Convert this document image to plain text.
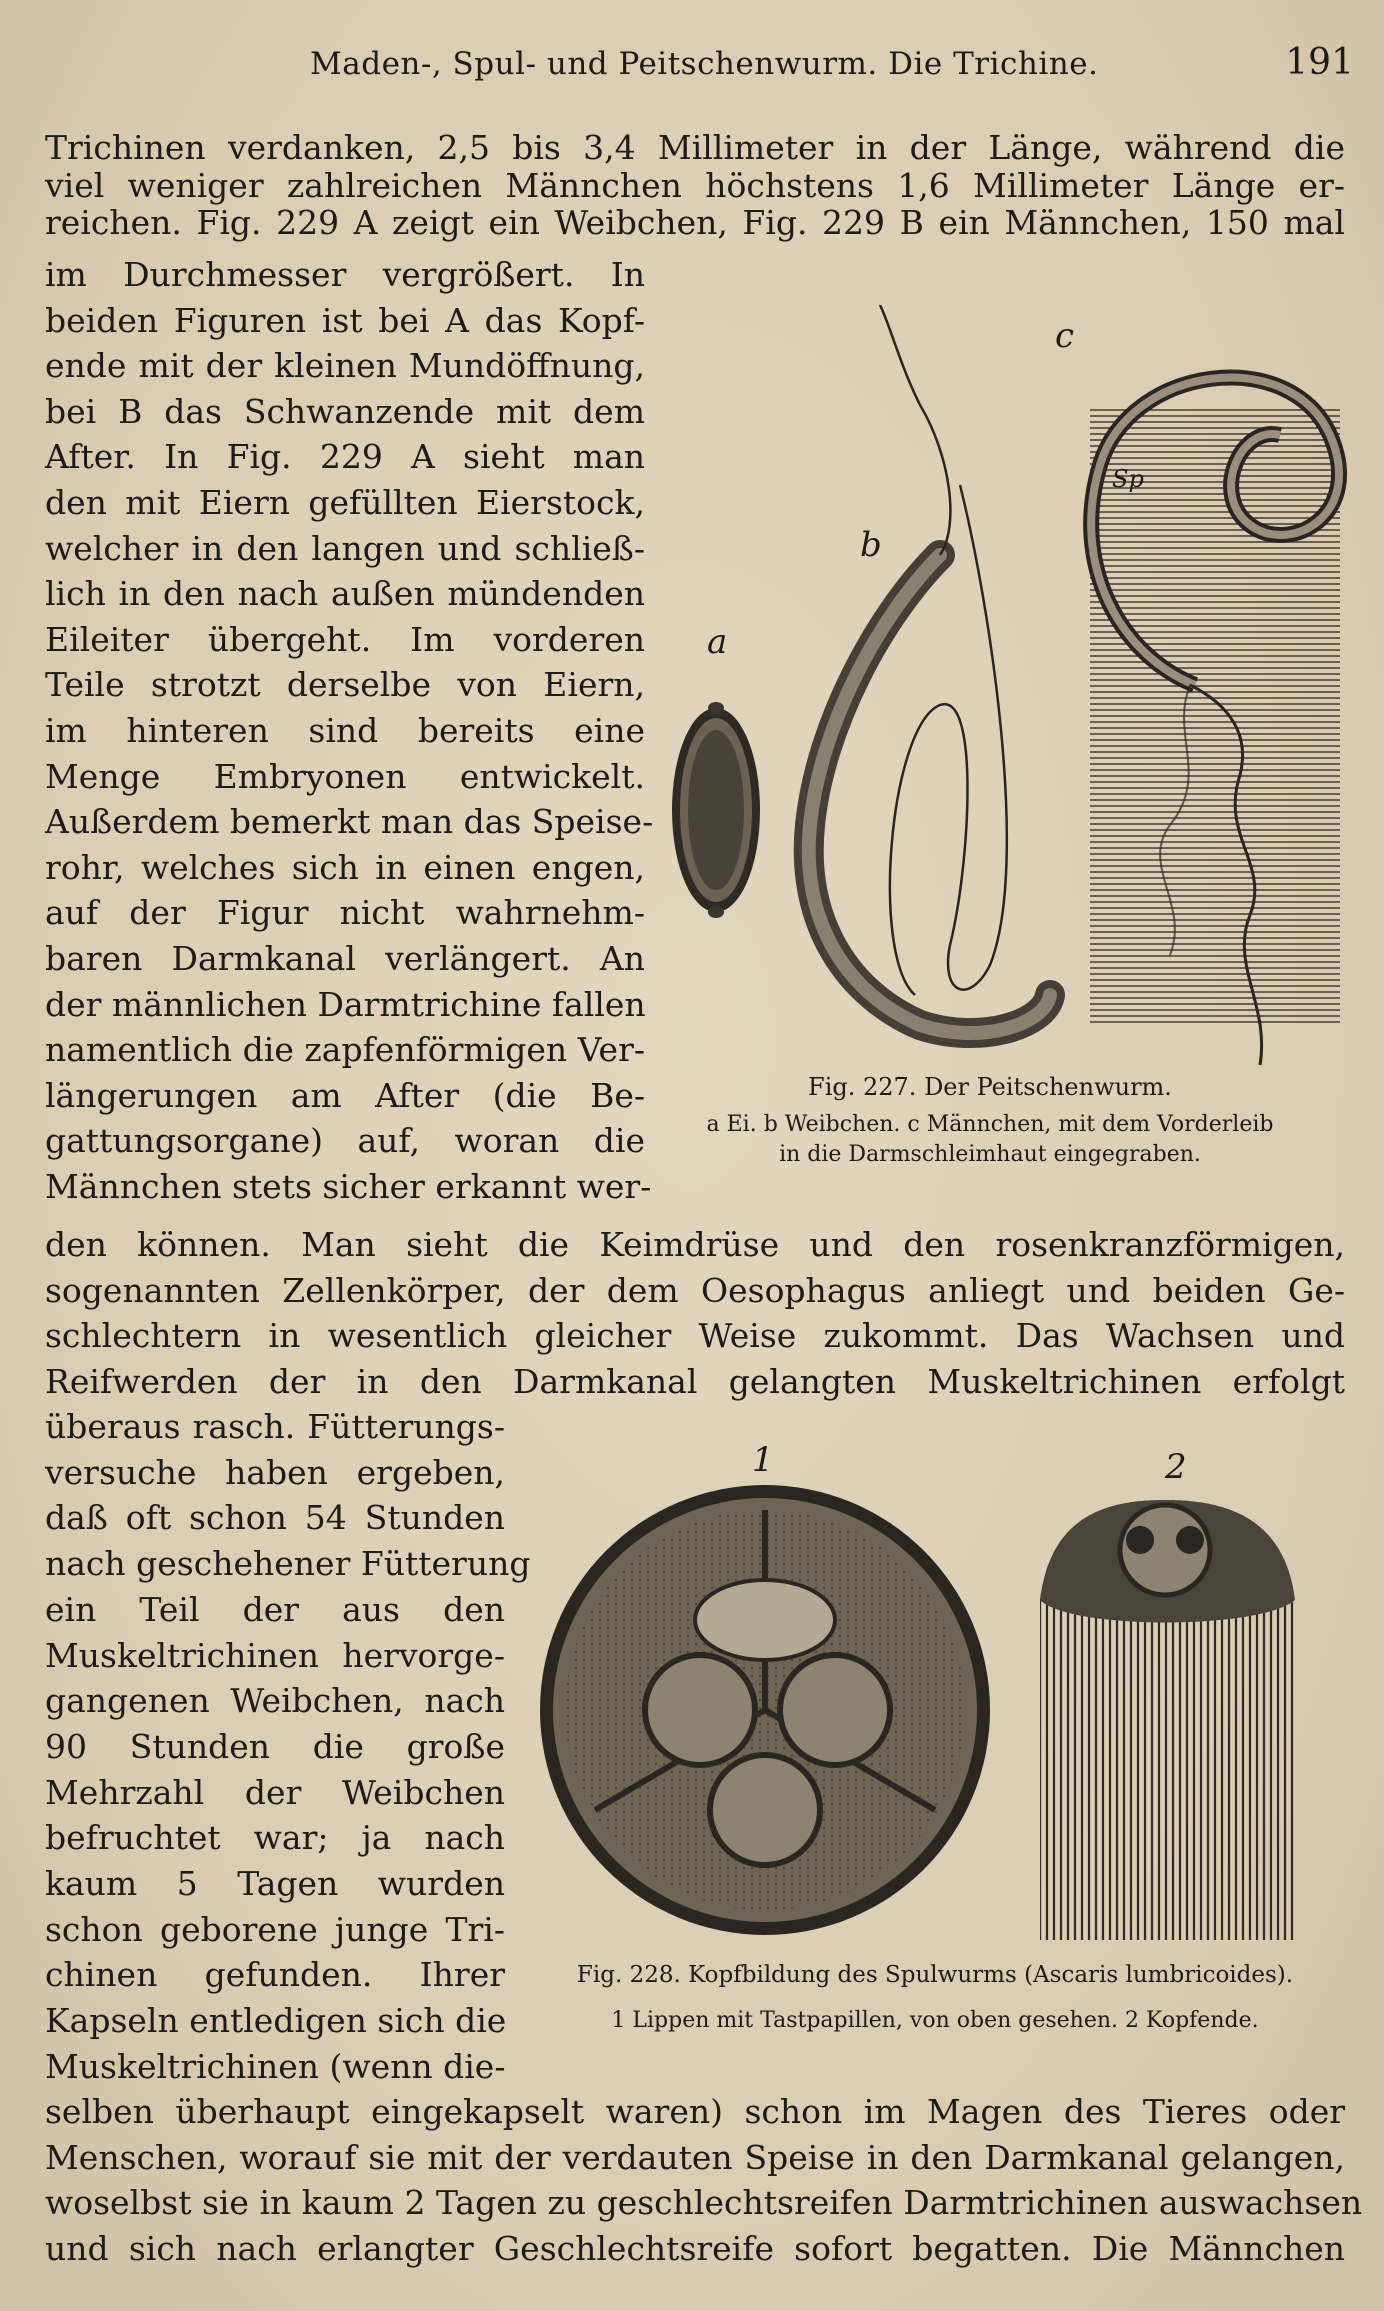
Maden-, Spul- und Peitschenwurm. Die Trichine.	191
Trichinen verdanken, 2,5 bis 3,4 Millimeter in der Länge, während die
viel weniger zahlreichen Männchen höchstens 1,6 Millimeter Länge er-
reichen. Fig. 229 A zeigt ein Weibchen, Fig. 229 B ein Männchen, 150 mal
im Durchmesser vergrößert. In
beiden Figuren ist bei A das Kopf-
ende mit der kleinen Mundöffnung,
bei B das Schwanzende mit dem
After. In Fig. 229 A sieht man
den mit Eiern gefüllten Eierstock,
welcher in den langen und schließ-
lich in den nach außen mündenden
Eileiter übergeht. Im vorderen
Teile strotzt derselbe von Eiern,
im hinteren sind bereits eine
Menge Embryonen entwickelt.
Außerdem bemerkt man das Speise-
rohr, welches sich in einen engen,
auf der Figur nicht wahrnehm-
baren Darmkanal verlängert. An
der männlichen Darmtrichine fallen
namentlich die zapfenförmigen Ver-
längerungen am After (die Be-
gattungsorgane) auf, woran die
Männchen stets sicher erkannt wer-
den können. Man sieht die Keimdrüse und den rosenkranzförmigen,
sogenannten Zellenkörper, der dem Oesophagus anliegt und beiden Ge-
schlechtern in wesentlich gleicher Weise zukommt. Das Wachsen und
Reifwerden der in den Darmkanal gelangten Muskeltrichinen erfolgt
überaus rasch. Fütterungs-
versuche haben ergeben,
daß oft schon 54 Stunden
nach geschehener Fütterung
ein Teil der aus den
Muskeltrichinen hervorge-
gangenen Weibchen, nach
90 Stunden die große
Mehrzahl der Weibchen
befruchtet war; ja nach
kaum 5 Tagen wurden
schon geborene junge Tri-
chinen gefunden. Ihrer
Kapseln entledigen sich die
Muskeltrichinen (wenn die-
selben überhaupt eingekapselt waren) schon im Magen des Tieres oder
Menschen, worauf sie mit der verdauten Speise in den Darmkanal gelangen,
woselbst sie in kaum 2 Tagen zu geschlechtsreifen Darmtrichinen auswachsen
und sich nach erlangter Geschlechtsreife sofort begatten. Die Männchen
a
b
c
Sp
Fig. 227. Der Peitschenwurm.
a Ei. b Weibchen. c Männchen, mit dem Vorderleib
in die Darmschleimhaut eingegraben.
1	2
Fig. 228. Kopfbildung des Spulwurms (Ascaris lumbricoides).
1 Lippen mit Tastpapillen, von oben gesehen. 2 Kopfende.
